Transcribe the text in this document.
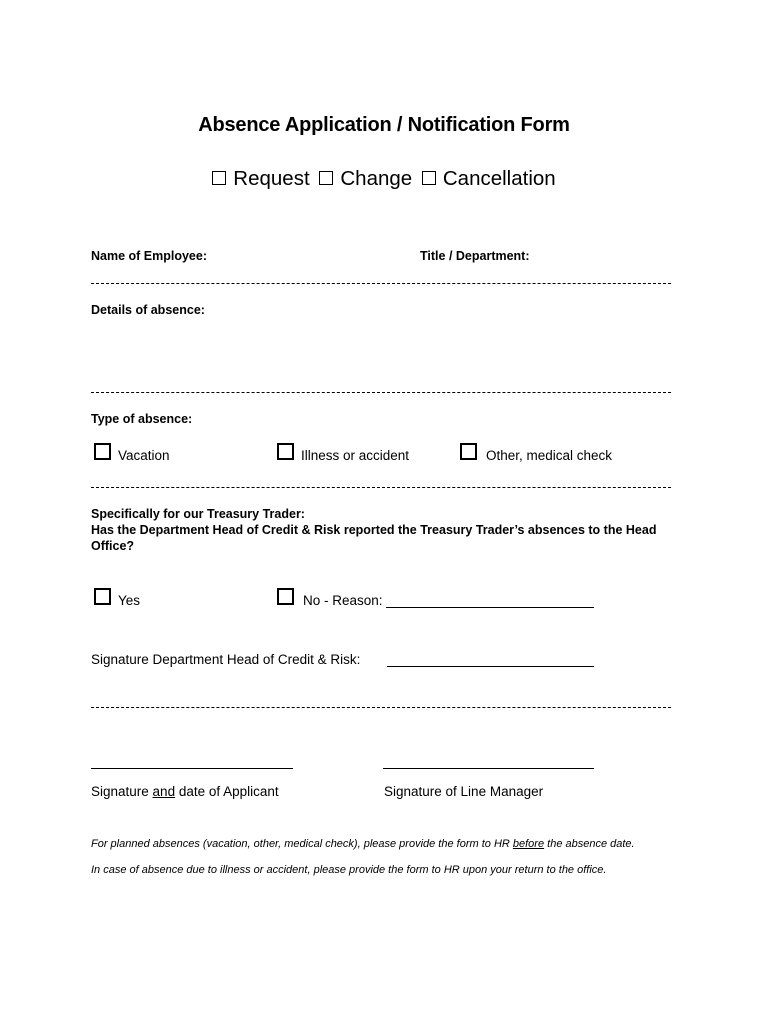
Absence Application / Notification Form
Request
Change
Cancellation
Name of Employee:	Title / Department:
Details of absence:
Type of absence:
Vacation	Illness or accident	Other, medical check
Specifically for our Treasury Trader:
Has the Department Head of Credit & Risk reported the Treasury Trader’s absences to the Head Office?
Yes	No - Reason:
Signature Department Head of Credit & Risk:
Signature and date of Applicant	Signature of Line Manager
For planned absences (vacation, other, medical check), please provide the form to HR before the absence date.
In case of absence due to illness or accident, please provide the form to HR upon your return to the office.
